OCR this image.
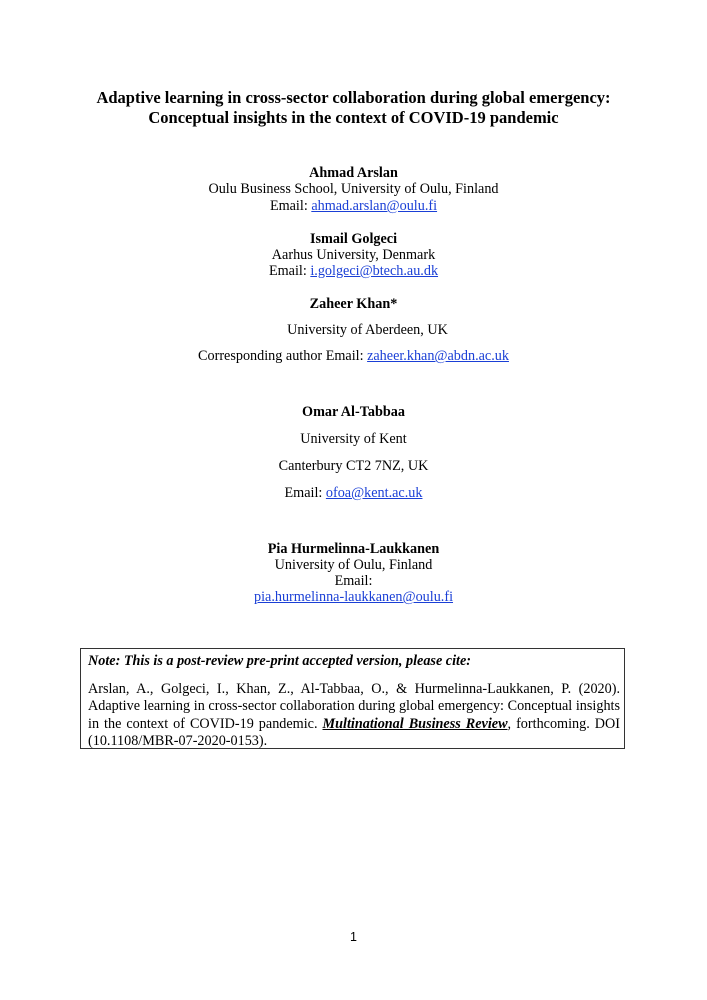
Adaptive learning in cross-sector collaboration during global emergency:
Conceptual insights in the context of COVID-19 pandemic
Ahmad Arslan
Oulu Business School, University of Oulu, Finland
Email: ahmad.arslan@oulu.fi
Ismail Golgeci
Aarhus University, Denmark
Email: i.golgeci@btech.au.dk
Zaheer Khan*
University of Aberdeen, UK
Corresponding author Email: zaheer.khan@abdn.ac.uk
Omar Al-Tabbaa
University of Kent
Canterbury CT2 7NZ, UK
Email: ofoa@kent.ac.uk
Pia Hurmelinna-Laukkanen
University of Oulu, Finland
Email:
pia.hurmelinna-laukkanen@oulu.fi
Note: This is a post-review pre-print accepted version, please cite:
Arslan, A., Golgeci, I., Khan, Z., Al-Tabbaa, O., & Hurmelinna-Laukkanen, P. (2020). Adaptive learning in cross-sector collaboration during global emergency: Conceptual insights in the context of COVID-19 pandemic. Multinational Business Review, forthcoming. DOI (10.1108/MBR-07-2020-0153).
1
